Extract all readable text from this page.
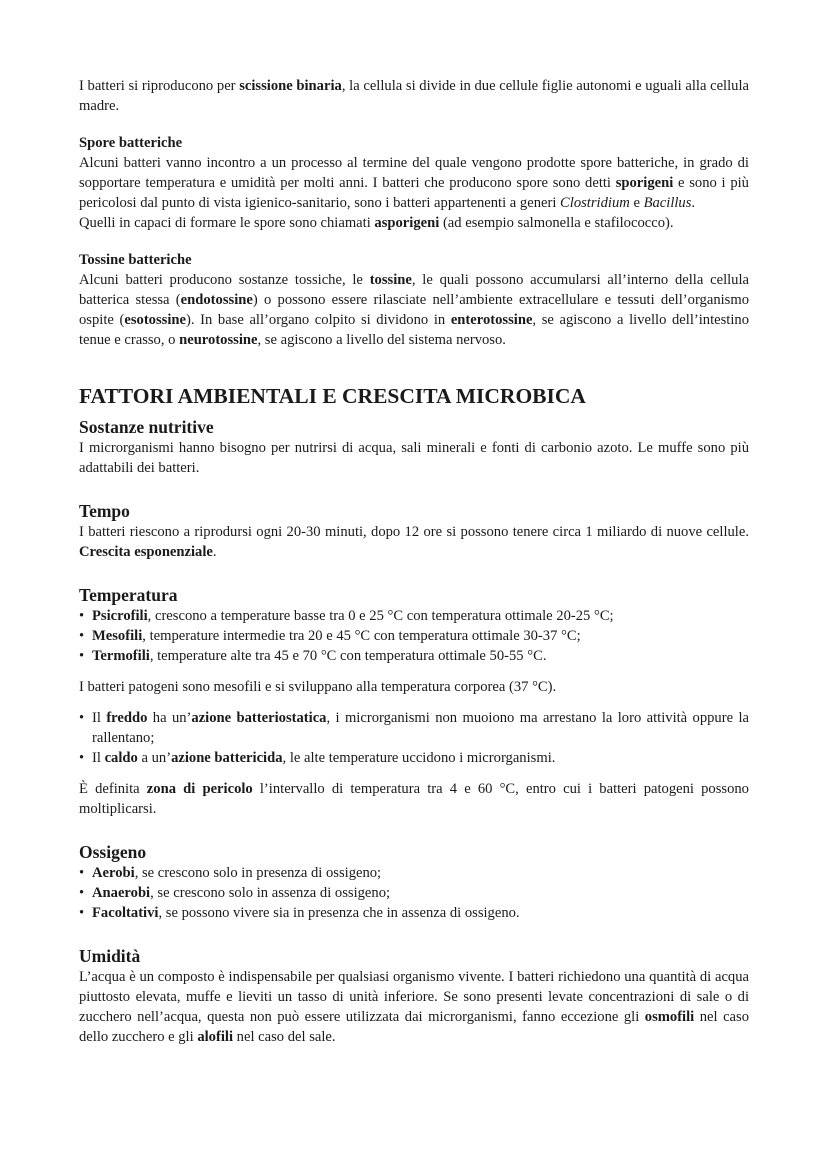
I batteri si riproducono per scissione binaria, la cellula si divide in due cellule figlie autonomi e uguali alla cellula madre.

Spore batteriche

Alcuni batteri vanno incontro a un processo al termine del quale vengono prodotte spore batteriche, in grado di sopportare temperatura e umidità per molti anni. I batteri che producono spore sono detti sporigeni e sono i più pericolosi dal punto di vista igienico-sanitario, sono i batteri appartenenti a generi Clostridium e Bacillus.

Quelli in capaci di formare le spore sono chiamati asporigeni (ad esempio salmonella e stafilococco).

Tossine batteriche

Alcuni batteri producono sostanze tossiche, le tossine, le quali possono accumularsi all’interno della cellula batterica stessa (endotossine) o possono essere rilasciate nell’ambiente extracellulare e tessuti dell’organismo ospite (esotossine). In base all’organo colpito si dividono in enterotossine, se agiscono a livello dell’intestino tenue e crasso, o neurotossine, se agiscono a livello del sistema nervoso.

FATTORI AMBIENTALI E CRESCITA MICROBICA
Sostanze nutritive

I microrganismi hanno bisogno per nutrirsi di acqua, sali minerali e fonti di carbonio azoto. Le muffe sono più adattabili dei batteri.

Tempo

I batteri riescono a riprodursi ogni 20-30 minuti, dopo 12 ore si possono tenere circa 1 miliardo di nuove cellule. Crescita esponenziale.

Temperatura
• Psicrofili, crescono a temperature basse tra 0 e 25 °C con temperatura ottimale 20-25 °C;
• Mesofili, temperature intermedie tra 20 e 45 °C con temperatura ottimale 30-37 °C;
• Termofili, temperature alte tra 45 e 70 °C con temperatura ottimale 50-55 °C.

I batteri patogeni sono mesofili e si sviluppano alla temperatura corporea (37 °C).

• Il freddo ha un’azione batteriostatica, i microrganismi non muoiono ma arrestano la loro attività oppure la rallentano;
• Il caldo a un’azione battericida, le alte temperature uccidono i microrganismi.

È definita zona di pericolo l’intervallo di temperatura tra 4 e 60 °C, entro cui i batteri patogeni possono moltiplicarsi.

Ossigeno
• Aerobi, se crescono solo in presenza di ossigeno;
• Anaerobi, se crescono solo in assenza di ossigeno;
• Facoltativi, se possono vivere sia in presenza che in assenza di ossigeno.
Umidità

L’acqua è un composto è indispensabile per qualsiasi organismo vivente. I batteri richiedono una quantità di acqua piuttosto elevata, muffe e lieviti un tasso di unità inferiore. Se sono presenti levate concentrazioni di sale o di zucchero nell’acqua, questa non può essere utilizzata dai microrganismi, fanno eccezione gli osmofili nel caso dello zucchero e gli alofili nel caso del sale.
